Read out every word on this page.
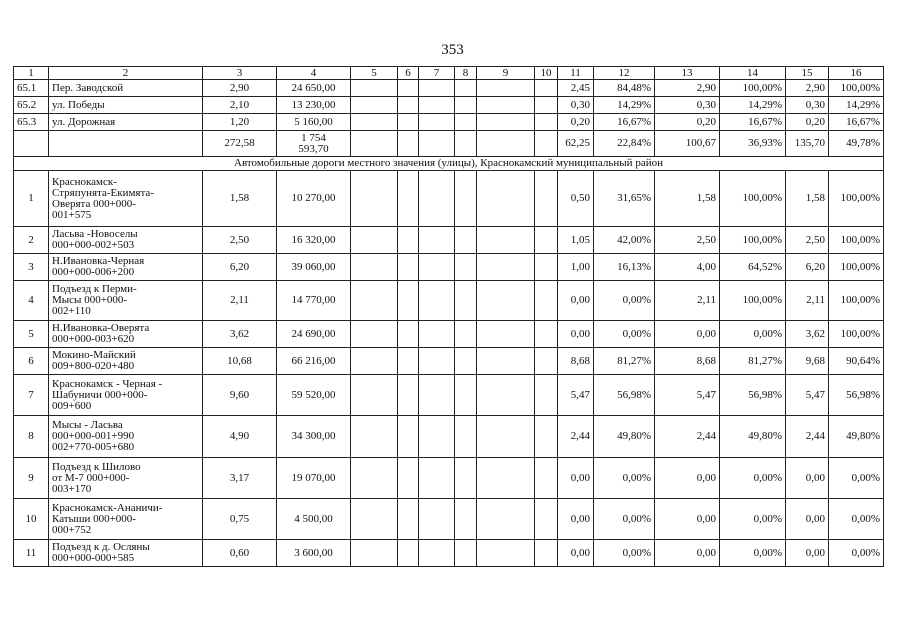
353
1	2	3	4	5	6	7	8	9	10	11	12	13	14	15	16
65.1	Пер. Заводской	2,90	24 650,00							2,45	84,48%	2,90	100,00%	2,90	100,00%
65.2	ул. Победы	2,10	13 230,00							0,30	14,29%	0,30	14,29%	0,30	14,29%
65.3	ул. Дорожная	1,20	5 160,00							0,20	16,67%	0,20	16,67%	0,20	16,67%
		272,58	1 754
593,70							62,25	22,84%	100,67	36,93%	135,70	49,78%
Автомобильные дороги местного значения (улицы), Краснокамский муниципальный район															
1	Краснокамск-
Стряпунята-Екимята-
Оверята 000+000-
001+575	1,58	10 270,00							0,50	31,65%	1,58	100,00%	1,58	100,00%
2	Ласьва -Новоселы
000+000-002+503	2,50	16 320,00							1,05	42,00%	2,50	100,00%	2,50	100,00%
3	Н.Ивановка-Черная
000+000-006+200	6,20	39 060,00							1,00	16,13%	4,00	64,52%	6,20	100,00%
4	Подъезд к Перми-
Мысы 000+000-
002+110	2,11	14 770,00							0,00	0,00%	2,11	100,00%	2,11	100,00%
5	Н.Ивановка-Оверята
000+000-003+620	3,62	24 690,00							0,00	0,00%	0,00	0,00%	3,62	100,00%
6	Мокино-Майский
009+800-020+480	10,68	66 216,00							8,68	81,27%	8,68	81,27%	9,68	90,64%
7	Краснокамск - Черная -
Шабуничи 000+000-
009+600	9,60	59 520,00							5,47	56,98%	5,47	56,98%	5,47	56,98%
8	Мысы - Ласьва
000+000-001+990
002+770-005+680	4,90	34 300,00							2,44	49,80%	2,44	49,80%	2,44	49,80%
9	Подъезд к Шилово
от М-7 000+000-
003+170	3,17	19 070,00							0,00	0,00%	0,00	0,00%	0,00	0,00%
10	Краснокамск-Ананичи-
Катыши 000+000-
000+752	0,75	4 500,00							0,00	0,00%	0,00	0,00%	0,00	0,00%
11	Подъезд к д. Осляны
000+000-000+585	0,60	3 600,00							0,00	0,00%	0,00	0,00%	0,00	0,00%
